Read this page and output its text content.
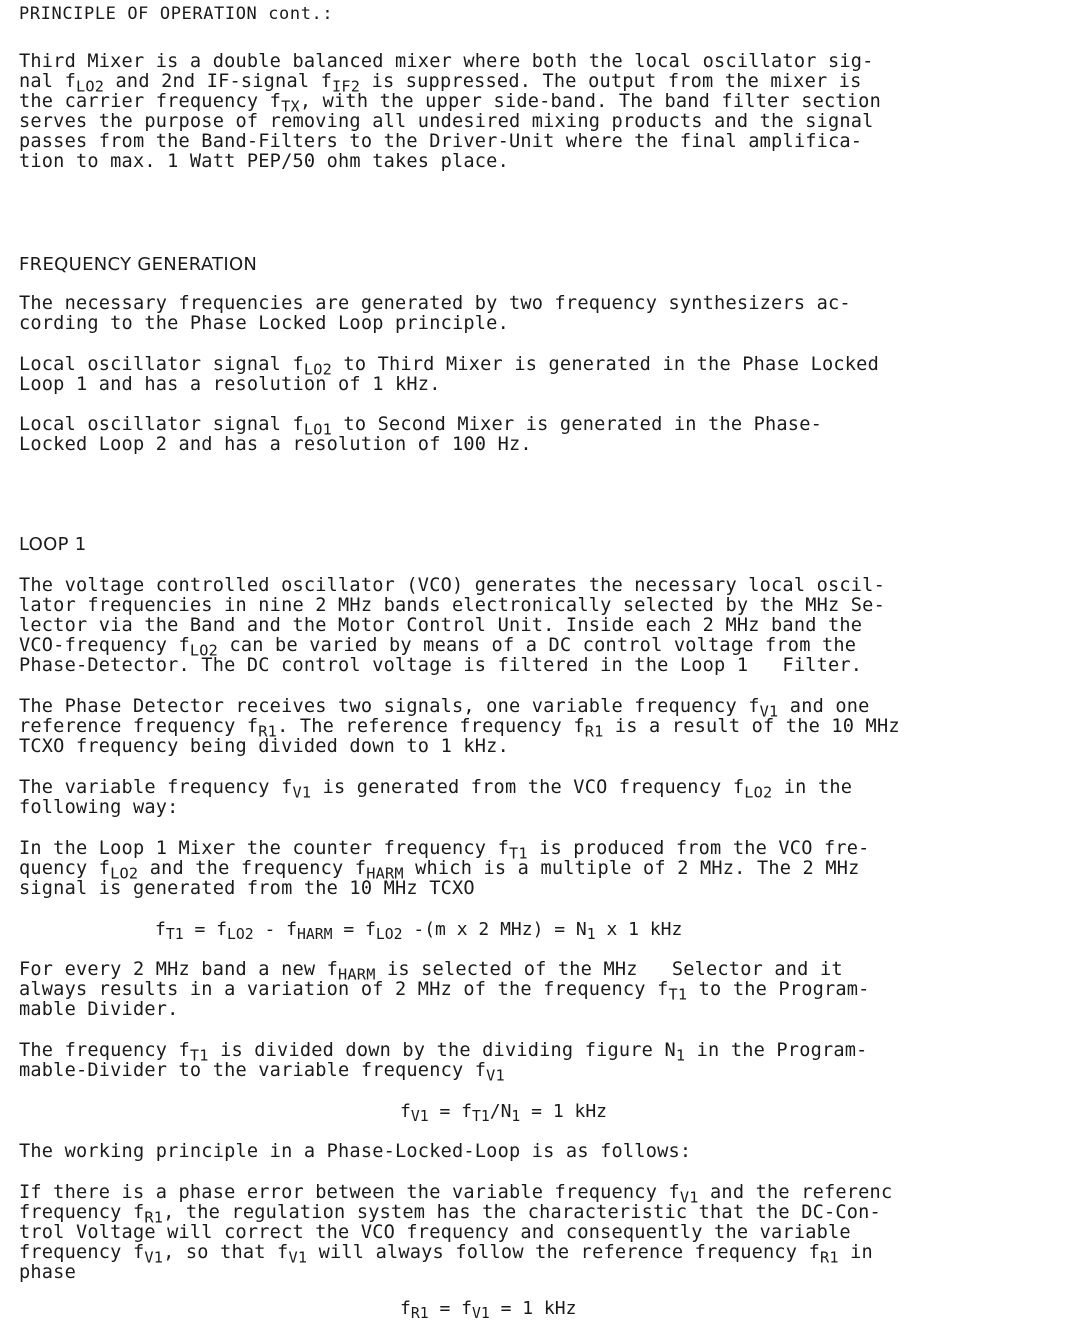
PRINCIPLE OF OPERATION cont.:
Third Mixer is a double balanced mixer where both the local oscillator sig-
nal $f_{LO2}$ and 2nd IF-signal $f_{IF2}$ is suppressed. The output from the mixer is
the carrier frequency $f_{TX}$, with the upper side-band. The band filter section
serves the purpose of removing all undesired mixing products and the signal
passes from the Band-Filters to the Driver-Unit where the final amplifica-
tion to max. 1 Watt PEP/50 ohm takes place.
FREQUENCY GENERATION
The necessary frequencies are generated by two frequency synthesizers ac-
cording to the Phase Locked Loop principle.
Local oscillator signal $f_{LO2}$ to Third Mixer is generated in the Phase Locked
Loop 1 and has a resolution of 1 kHz.
Local oscillator signal $f_{LO1}$ to Second Mixer is generated in the Phase-
Locked Loop 2 and has a resolution of 100 Hz.
LOOP 1
The voltage controlled oscillator (VCO) generates the necessary local oscil-
lator frequencies in nine 2 MHz bands electronically selected by the MHz Se-
lector via the Band and the Motor Control Unit. Inside each 2 MHz band the
VCO-frequency $f_{LO2}$ can be varied by means of a DC control voltage from the
Phase-Detector. The DC control voltage is filtered in the Loop 1   Filter.
The Phase Detector receives two signals, one variable frequency $f_{V1}$ and one
reference frequency $f_{R1}$. The reference frequency $f_{R1}$ is a result of the 10 MHz
TCXO frequency being divided down to 1 kHz.
The variable frequency $f_{V1}$ is generated from the VCO frequency $f_{LO2}$ in the
following way:
In the Loop 1 Mixer the counter frequency $f_{T1}$ is produced from the VCO fre-
quency $f_{LO2}$ and the frequency $f_{HARM}$ which is a multiple of 2 MHz. The 2 MHz
signal is generated from the 10 MHz TCXO
$f_{T1} = f_{LO2} - f_{HARM} = f_{LO2}$ -(m x 2 $MHz) = N_1$ x 1 kHz
For every 2 MHz band a new $f_{HARM}$ is selected of the MHz   Selector and it
always results in a variation of 2 MHz of the frequency $f_{T1}$ to the Program-
mable Divider.
The frequency $f_{T1}$ is divided down by the dividing figure $N_1$ in the Program-
mable-Divider to the variable frequency $f_{V1}$
$f_{V1} = f_{T1}/N_1 = 1$ kHz
The working principle in a Phase-Locked-Loop is as follows:
If there is a phase error between the variable frequency $f_{V1}$ and the referenc
frequency $f_{R1}$, the regulation system has the characteristic that the DC-Con-
trol Voltage will correct the VCO frequency and consequently the variable
frequency $f_{V1}$, so that $f_{V1}$ will always follow the reference frequency $f_{R1}$ in
phase
$f_{R1} = f_{V1} = 1$ kHz
